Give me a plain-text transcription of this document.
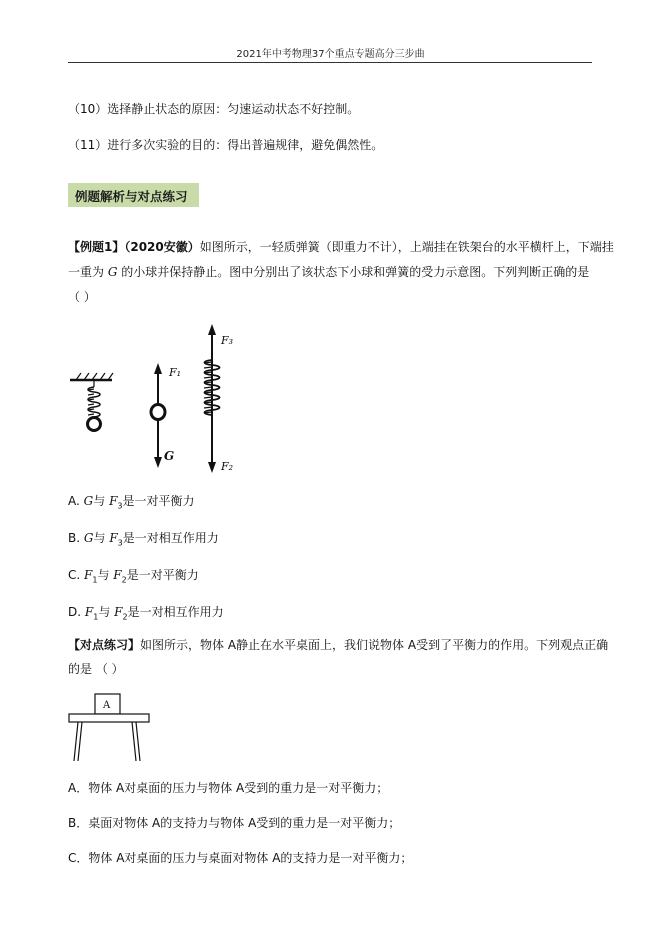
2021年中考物理37个重点专题高分三步曲
（10）选择静止状态的原因：匀速运动状态不好控制。
（11）进行多次实验的目的：得出普遍规律，避免偶然性。
例题解析与对点练习
【例题1】（2020安徽）如图所示，一轻质弹簧（即重力不计），上端挂在铁架台的水平横杆上，下端挂
一重为 G 的小球并保持静止。图中分别出了该状态下小球和弹簧的受力示意图。下列判断正确的是
（ ）
F₁
G
F₃
F₂
A. G与 $F_3$是一对平衡力
B. G与 $F_3$是一对相互作用力
C. $F_1$与 $F_2$是一对平衡力
D. $F_1$与 $F_2$是一对相互作用力
【对点练习】如图所示，物体 A静止在水平桌面上，我们说物体 A受到了平衡力的作用。下列观点正确
的是 （ ）
A
A．物体 A对桌面的压力与物体 A受到的重力是一对平衡力；
B．桌面对物体 A的支持力与物体 A受到的重力是一对平衡力；
C．物体 A对桌面的压力与桌面对物体 A的支持力是一对平衡力；
